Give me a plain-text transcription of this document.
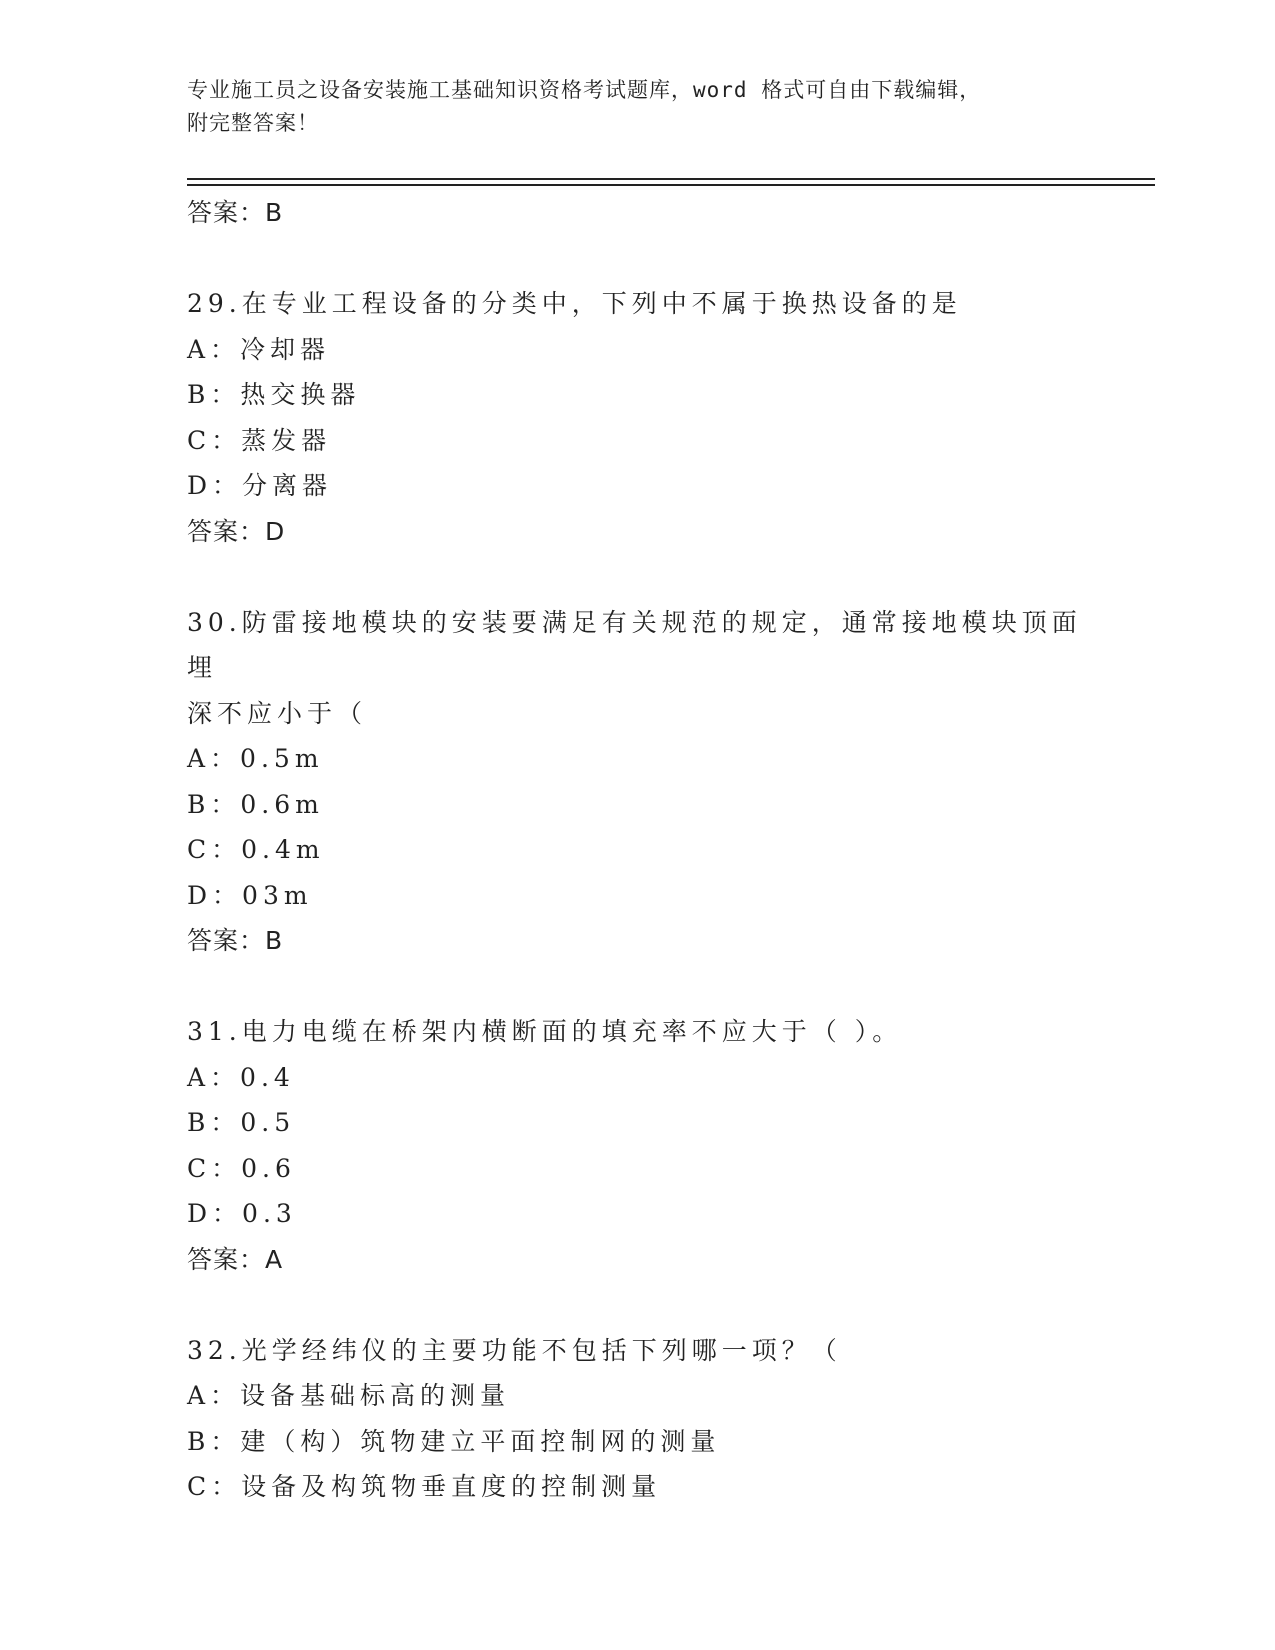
专业施工员之设备安装施工基础知识资格考试题库，word 格式可自由下载编辑，
附完整答案！
答案：B
29.在专业工程设备的分类中，下列中不属于换热设备的是
A：冷却器
B：热交换器
C：蒸发器
D：分离器
答案：D
30.防雷接地模块的安装要满足有关规范的规定，通常接地模块顶面埋
深不应小于（
A：0.5m
B：0.6m
C：0.4m
D：03m
答案：B
31.电力电缆在桥架内横断面的填充率不应大于（ ）。
A：0.4
B：0.5
C：0.6
D：0.3
答案：A
32.光学经纬仪的主要功能不包括下列哪一项？（
A：设备基础标高的测量
B：建（构）筑物建立平面控制网的测量
C：设备及构筑物垂直度的控制测量
